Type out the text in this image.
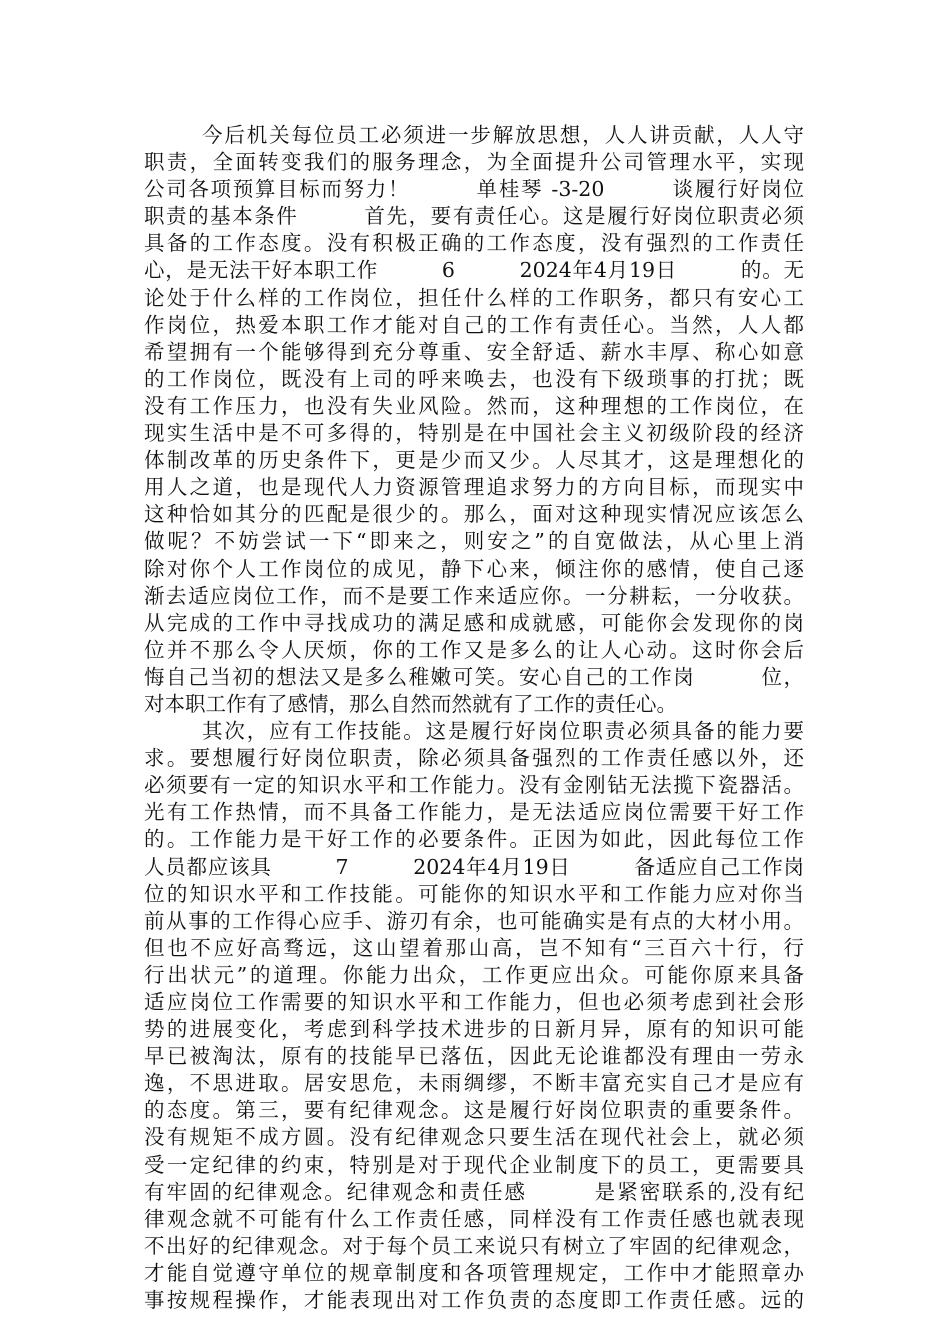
今后机关每位员工必须进一步解放思想，人人讲贡献，人人守
职责，全面转变我们的服务理念，为全面提升公司管理水平，实现
公司各项预算目标而努力！　　　单桂琴 -3-20　　　谈履行好岗位
职责的基本条件　　　首先，要有责任心。这是履行好岗位职责必须
具备的工作态度。没有积极正确的工作态度，没有强烈的工作责任
心，是无法干好本职工作　　　6　　　2024年4月19日　　　的。无
论处于什么样的工作岗位，担任什么样的工作职务，都只有安心工
作岗位，热爱本职工作才能对自己的工作有责任心。当然，人人都
希望拥有一个能够得到充分尊重、安全舒适、薪水丰厚、称心如意
的工作岗位，既没有上司的呼来唤去，也没有下级琐事的打扰；既
没有工作压力，也没有失业风险。然而，这种理想的工作岗位，在
现实生活中是不可多得的，特别是在中国社会主义初级阶段的经济
体制改革的历史条件下，更是少而又少。人尽其才，这是理想化的
用人之道，也是现代人力资源管理追求努力的方向目标，而现实中
这种恰如其分的匹配是很少的。那么，面对这种现实情况应该怎么
做呢？不妨尝试一下“即来之，则安之”的自宽做法，从心里上消
除对你个人工作岗位的成见，静下心来，倾注你的感情，使自己逐
渐去适应岗位工作，而不是要工作来适应你。一分耕耘，一分收获。
从完成的工作中寻找成功的满足感和成就感，可能你会发现你的岗
位并不那么令人厌烦，你的工作又是多么的让人心动。这时你会后
悔自己当初的想法又是多么稚嫩可笑。安心自己的工作岗　　　位，
对本职工作有了感情，那么自然而然就有了工作的责任心。
其次，应有工作技能。这是履行好岗位职责必须具备的能力要
求。要想履行好岗位职责，除必须具备强烈的工作责任感以外，还
必须要有一定的知识水平和工作能力。没有金刚钻无法揽下瓷器活。
光有工作热情，而不具备工作能力，是无法适应岗位需要干好工作
的。工作能力是干好工作的必要条件。正因为如此，因此每位工作
人员都应该具　　　7　　　2024年4月19日　　　备适应自己工作岗
位的知识水平和工作技能。可能你的知识水平和工作能力应对你当
前从事的工作得心应手、游刃有余，也可能确实是有点的大材小用。
但也不应好高骛远，这山望着那山高，岂不知有“三百六十行，行
行出状元”的道理。你能力出众，工作更应出众。可能你原来具备
适应岗位工作需要的知识水平和工作能力，但也必须考虑到社会形
势的进展变化，考虑到科学技术进步的日新月异，原有的知识可能
早已被淘汰，原有的技能早已落伍，因此无论谁都没有理由一劳永
逸，不思进取。居安思危，未雨绸缪，不断丰富充实自己才是应有
的态度。第三，要有纪律观念。这是履行好岗位职责的重要条件。
没有规矩不成方圆。没有纪律观念只要生活在现代社会上，就必须
受一定纪律的约束，特别是对于现代企业制度下的员工，更需要具
有牢固的纪律观念。纪律观念和责任感　　　是紧密联系的,没有纪
律观念就不可能有什么工作责任感，同样没有工作责任感也就表现
不出好的纪律观念。对于每个员工来说只有树立了牢固的纪律观念，
才能自觉遵守单位的规章制度和各项管理规定，工作中才能照章办
事按规程操作，才能表现出对工作负责的态度即工作责任感。远的
